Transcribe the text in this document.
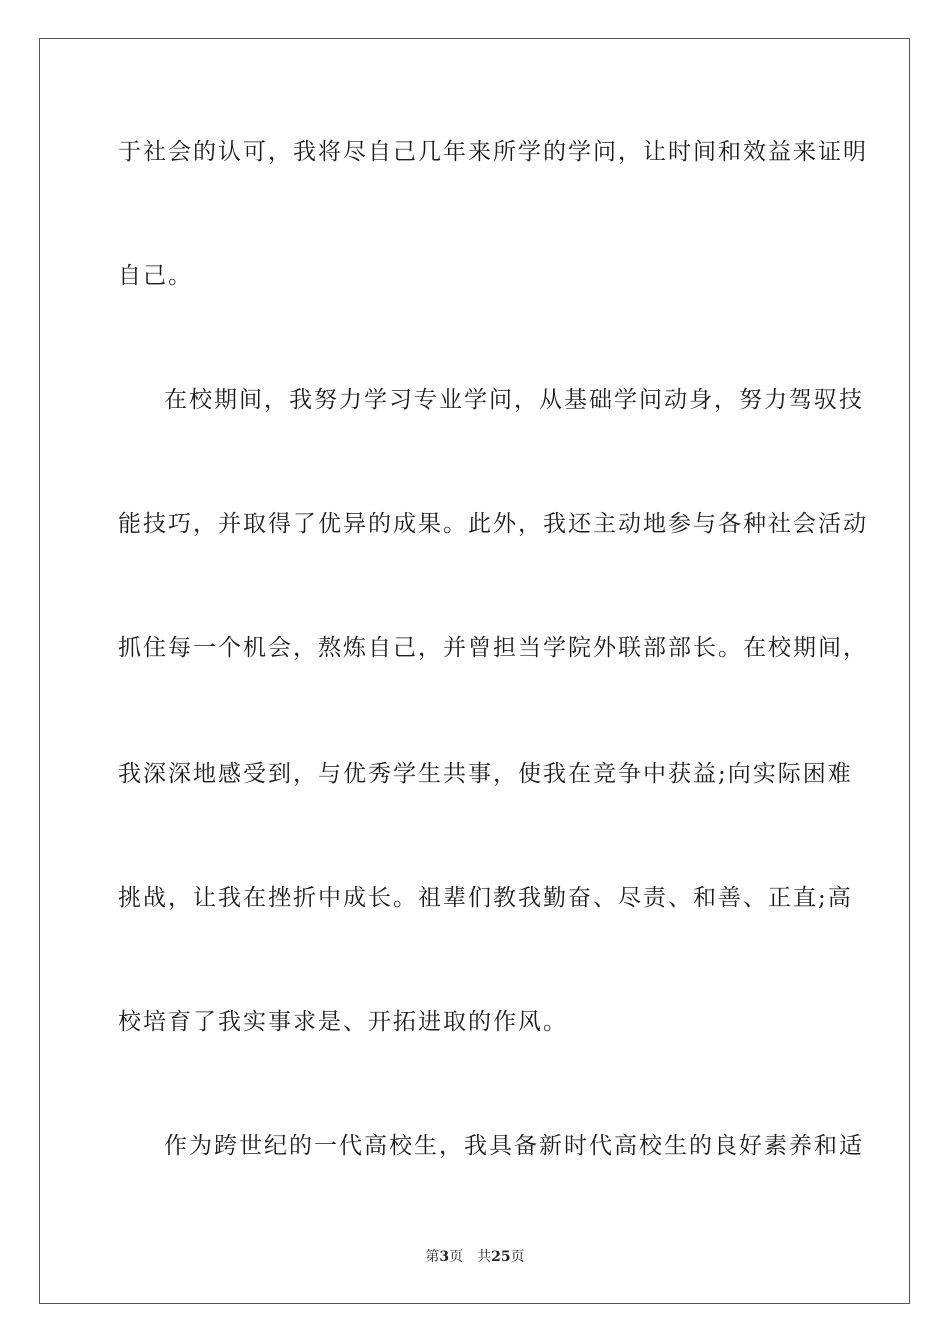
于社会的认可，我将尽自己几年来所学的学问，让时间和效益来证明
自己。
在校期间，我努力学习专业学问，从基础学问动身，努力驾驭技
能技巧，并取得了优异的成果。此外，我还主动地参与各种社会活动
抓住每一个机会，熬炼自己，并曾担当学院外联部部长。在校期间，
我深深地感受到，与优秀学生共事，使我在竞争中获益;向实际困难
挑战，让我在挫折中成长。祖辈们教我勤奋、尽责、和善、正直;高
校培育了我实事求是、开拓进取的作风。
作为跨世纪的一代高校生，我具备新时代高校生的良好素养和适
第3页 共25页
